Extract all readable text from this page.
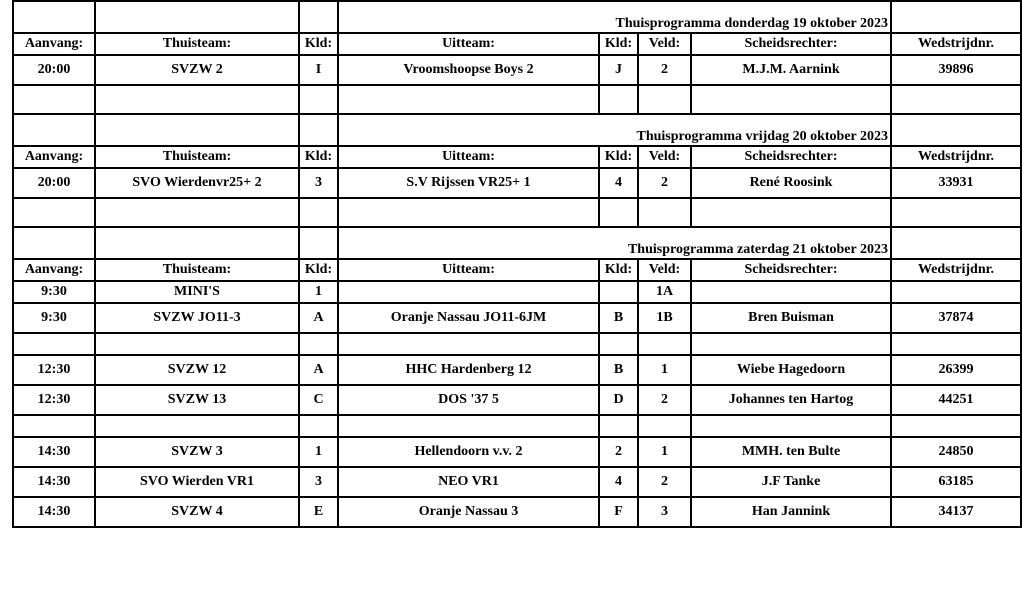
			Thuisprogramma donderdag 19 oktober 2023				

Aanvang:	Thuisteam:	Kld:	Uitteam:	Kld:	Veld:	Scheidsrechter:	Wedstrijdnr.
20:00	SVZW 2	I	Vroomshoopse Boys 2	J	2	M.J.M. Aarnink	39896

			Thuisprogramma vrijdag 20 oktober 2023				

Aanvang:	Thuisteam:	Kld:	Uitteam:	Kld:	Veld:	Scheidsrechter:	Wedstrijdnr.
20:00	SVO Wierdenvr25+ 2	3	S.V Rijssen VR25+ 1	4	2	René Roosink	33931

			Thuisprogramma zaterdag 21 oktober 2023				

Aanvang:	Thuisteam:	Kld:	Uitteam:	Kld:	Veld:	Scheidsrechter:	Wedstrijdnr.
9:30	MINI'S	1			1A		
9:30	SVZW JO11-3	A	Oranje Nassau JO11-6JM	B	1B	Bren Buisman	37874

12:30	SVZW 12	A	HHC Hardenberg 12	B	1	Wiebe Hagedoorn	26399
12:30	SVZW 13	C	DOS '37 5	D	2	Johannes ten Hartog	44251

14:30	SVZW 3	1	Hellendoorn v.v. 2	2	1	MMH. ten Bulte	24850
14:30	SVO Wierden VR1	3	NEO VR1	4	2	J.F Tanke	63185
14:30	SVZW 4	E	Oranje Nassau 3	F	3	Han Jannink	34137
